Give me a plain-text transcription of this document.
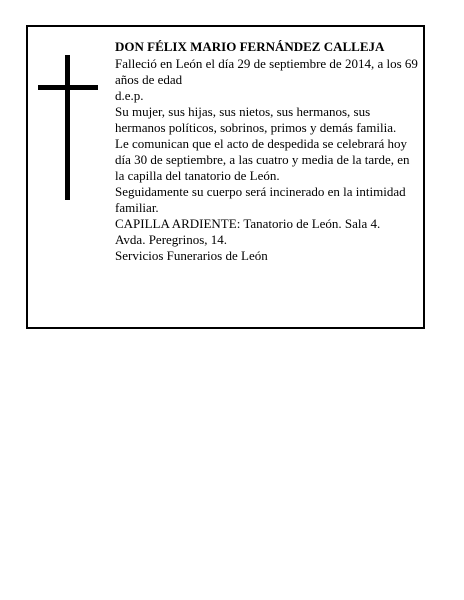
DON FÉLIX MARIO FERNÁNDEZ CALLEJA

Falleció en León el día 29 de septiembre de 2014, a los 69 años de edad

d.e.p.

Su mujer, sus hijas, sus nietos, sus hermanos, sus hermanos políticos, sobrinos, primos y demás familia.

Le comunican que el acto de despedida se celebrará hoy día 30 de septiembre, a las cuatro y media de la tarde, en la capilla del tanatorio de León.

Seguidamente su cuerpo será incinerado en la intimidad familiar.

CAPILLA ARDIENTE: Tanatorio de León. Sala 4.

Avda. Peregrinos, 14.

Servicios Funerarios de León
